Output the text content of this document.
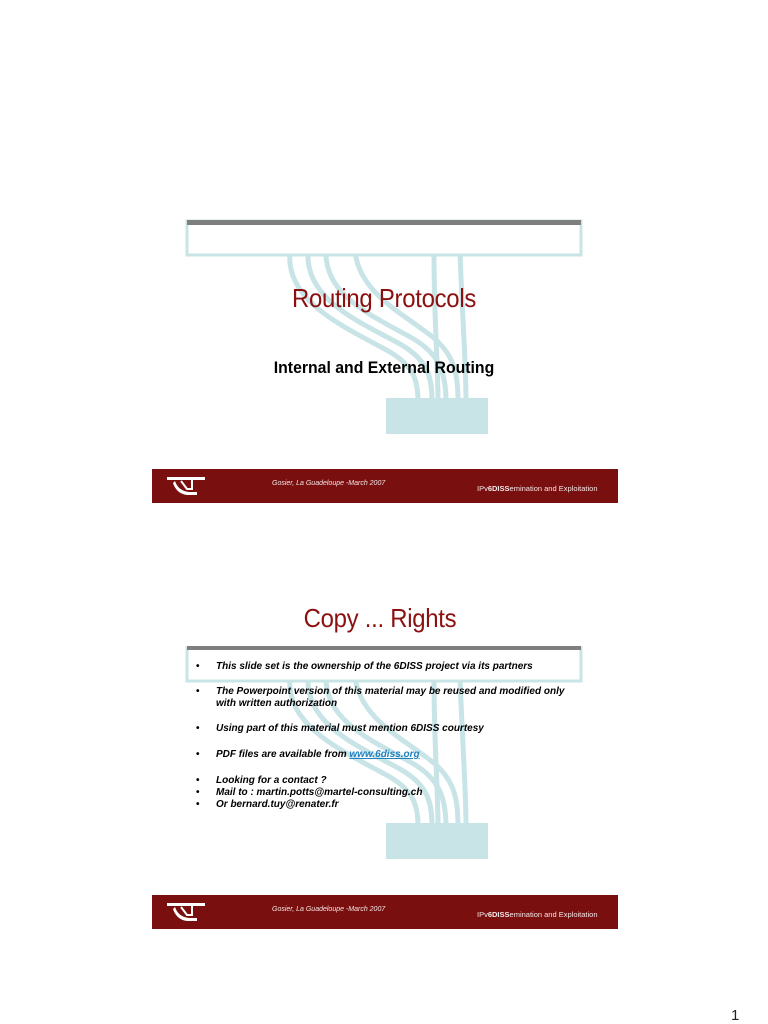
Routing Protocols
Internal and External Routing
Gosier, La Guadeloupe -March 2007
IPv6DISSemination and Exploitation
Copy ... Rights
• This slide set is the ownership of the 6DISS project via its partners
• The Powerpoint version of this material may be reused and modified only with written authorization
• Using part of this material must mention 6DISS courtesy
• PDF files are available from www.6diss.org
• Looking for a contact ?
• Mail to : martin.potts@martel-consulting.ch
• Or bernard.tuy@renater.fr
Gosier, La Guadeloupe -March 2007
IPv6DISSemination and Exploitation
1
